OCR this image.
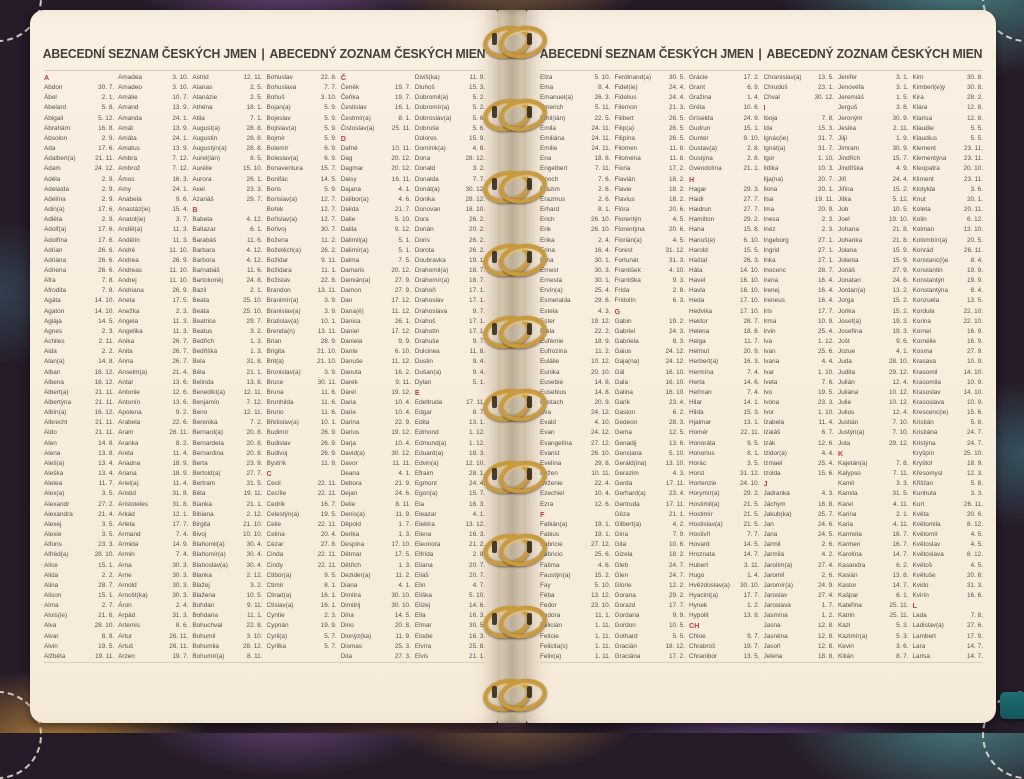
ABECEDNÍ SEZNAM ČESKÝCH JMEN | ABECEDNÝ ZOZNAM ČESKÝCH MIEN
A
Abdon	30. 7.
Ábel	2. 1.
Abelard	5. 8.
Abigail	5. 12.
Abrahám	16. 8.
Absolon	2. 9.
Ada	17. 6.
Adalbert(a)	21. 11.
Adam	24. 12.
Adéla	2. 9.
Adelaida	2. 9.
Adelína	2. 9.
Adin(a)	17. 6.
Adléta	2. 9.
Adolf(a)	17. 6.
Adolfína	17. 6.
Adrian	26. 6.
Adriána	26. 6.
Adriena	26. 6.
Afra	7. 8.
Afrodita	7. 8.
Agáta	14. 10.
Agaton	14. 10.
Aglaja	14. 5.
Agnes	2. 3.
Achiles	2. 11.
Aida	2. 2.
Alan(a)	14. 8.
Alban	16. 12.
Albena	16. 12.
Albert(a)	21. 11.
Albertýna	21. 11.
Albín(a)	16. 12.
Albrecht	21. 11.
Aldo	21. 11.
Alen	14. 8.
Alena	13. 8.
Aleš(a)	13. 4.
Aleška	13. 4.
Aletea	11. 7.
Alex(a)	3. 5.
Alexandr	27. 2.
Alexandra	21. 4.
Alexej	3. 5.
Alexie	3. 5.
Alfons	23. 3.
Alfréd(a)	28. 10.
Alice	15. 1.
Alida	2. 2.
Alina	28. 7.
Alison	15. 1.
Alma	2. 7.
Alois(ie)	21. 6.
Alva	28. 10.
Alvar	8. 8.
Alvin	19. 5.
Alžběta	19. 11.
Amadea	3. 10.
Amadeo	3. 10.
Amálie	10. 7.
Amand	13. 9.
Amanda	24. 1.
Amát	13. 9.
Amáta	24. 1.
Amatus	13. 9.
Ambra	7. 12.
Ambrož	7. 12.
Ámos	16. 3.
Amy	24. 1.
Anabela	9. 6.
Anastáz(ie)	15. 4.
Anatol(ie)	3. 7.
Anděl(a)	11. 3.
Andělín	11. 3.
André	11. 10.
Andrea	26. 9.
Andreas	11. 10.
Andrej	11. 10.
Andriana	26. 9.
Aneta	17. 5.
Anežka	2. 3.
Angela	11. 3.
Angelika	11. 3.
Anika	26. 7.
Anita	26. 7.
Anna	26. 7.
Anselm(a)	21. 4.
Antal	13. 6.
Antonie	12. 6.
Antonín	13. 6.
Apolena	9. 2.
Arabela	22. 6.
Aram	26. 11.
Aranka	8. 2.
Areta	11. 4.
Ariadna	18. 9.
Ariana	18. 9.
Ariel(a)	11. 4.
Aristid	31. 8.
Aristoteles	31. 8.
Arkád	12. 1.
Arleta	17. 7.
Armand	7. 4.
Armida	14. 9.
Armin	7. 4.
Arna	30. 3.
Arne	30. 3.
Arnold	30. 3.
Arnošt(ka)	30. 3.
Áron	2. 4.
Arpád	31. 3.
Artemis	8. 6.
Artur	26. 11.
Artuš	26. 11.
Arzen	19. 7.
Astrid	12. 11.
Atanas	2. 5.
Atanázie	2. 5.
Athéna	18. 1.
Atila	7. 1.
August(a)	28. 8.
Augustin	28. 8.
Augustýn(a)	28. 8.
Aurel(ián)	8. 5.
Aurélie	15. 10.
Aurora	26. 1.
Axel	23. 3.
Azariáš	29. 7.
B
Babeta	4. 12.
Baltazar	6. 1.
Barabáš	11. 6.
Barbara	4. 12.
Barbora	4. 12.
Barnabáš	11. 6.
Bartoloměj	24. 8.
Bazil	2. 1.
Beata	25. 10.
Beáta	25. 10.
Beatrice	29. 7.
Beatus	3. 2.
Bedřich	1. 3.
Bedřiška	1. 3.
Bela	31. 8.
Béla	21. 1.
Belinda	13. 8.
Benedikt(a)	12. 11.
Benjamín	7. 12.
Beno	12. 11.
Berenika	7. 2.
Bernard(a)	20. 8.
Bernardeta	20. 8.
Bernardina	20. 8.
Berta	23. 9.
Bertold(a)	27. 7.
Bertram	31. 5.
Běta	19. 11.
Bianka	21. 1.
Bibiana	2. 12.
Birgita	21. 10.
Bivoj	10. 10.
Blahomil(a)	30. 4.
Blahomír(a)	30. 4.
Blahoslav(a)	30. 4.
Blanka	2. 12.
Blažej	3. 2.
Blažena	10. 5.
Bohdan	9. 11.
Bohdana	11. 1.
Bohuchval	22. 8.
Bohumil	3. 10.
Bohumila	28. 12.
Bohumír(a)	8. 11.
Bohuslav	22. 8.
Bohuslava	7. 7.
Bohuš	3. 10.
Bojan(a)	5. 9.
Bojeslav	5. 9.
Bojislav(a)	5. 9.
Bojmír	5. 9.
Bolemír	6. 9.
Boleslav(a)	6. 9.
Bonaventura	15. 7.
Bonifác	14. 5.
Boris	5. 9.
Borislav(a)	12. 7.
Bořek	12. 7.
Bořislav(a)	12. 7.
Bořivoj	30. 7.
Božena	11. 2.
Božetěch(a)	26. 2.
Božidar	9. 11.
Božidara	11. 1.
Božislav	22. 8.
Brandon	13. 11.
Branimír(a)	3. 9.
Branislav(a)	3. 9.
Bratislav(a)	10. 1.
Brenda(n)	13. 11.
Brian	28. 9.
Brigita	21. 10.
Brit(a)	21. 10.
Bronislav(a)	3. 9.
Bruce	30. 11.
Bruna	11. 6.
Brunhilda	11. 6.
Bruno	11. 6.
Břetislav(a)	10. 1.
Budimír	26. 9.
Budislav	26. 9.
Budivoj	26. 9.
Bystrík	11. 9.
C
Cecil	22. 11.
Cecílie	22. 11.
Cedrik	16. 7.
Celestýn(a)	19. 5.
Celie	22. 11.
Celina	20. 4.
Cézar	27. 8.
Cinda	22. 11.
Cindy	22. 11.
Ctibor(a)	9. 5.
Ctimír	8. 1.
Ctirad(a)	16. 1.
Ctislav(a)	16. 1.
Cyntie	2. 3.
Cyprián	19. 9.
Cyril(a)	5. 7.
Cyrilka	5. 7.
Č
Čeněk	19. 7.
Čeňka	19. 7.
Čestislav	16. 1.
Čestmír(a)	8. 1.
Čistoslav(a)	25. 11.
D
Dafné	10. 11.
Dag	20. 12.
Dagmar	20. 12.
Daisy	16. 11.
Dajana	4. 1.
Dalibor(a)	4. 6.
Dalida	21. 7.
Dalie	5. 10.
Dalila	9. 12.
Dalimil(a)	5. 1.
Dalimír(a)	5. 1.
Dalma	7. 5.
Damaris	20. 12.
Damián(a)	27. 9.
Damon	27. 9.
Dan	17. 12.
Dana(é)	11. 12.
Danica	26. 1.
Daniel	17. 12.
Daniela	9. 9.
Dante	6. 10.
Danuše	11. 12.
Danuta	16. 2.
Darek	9. 11.
Darel	19. 12.
Daria	10. 4.
Darie	10. 4.
Darina	22. 9.
Darius	19. 12.
Darja	10. 4.
David(a)	30. 12.
Davor	11. 11.
Deana	4. 1.
Debora	21. 9.
Dejan	24. 6.
Delie	8. 11.
Denis(a)	11. 9.
Děpold	1. 7.
Derika	1. 3.
Despina	17. 10.
Dětmar	17. 5.
Dětřich	1. 3.
Dezider(a)	11. 2.
Diana	4. 1.
Dimitra	30. 10.
Dimitrij	30. 10.
Dina	14. 5.
Dino	20. 8.
Dionýz(ka)	11. 9.
Dismas	25. 3.
Dita	27. 3.
Diviš(ka)	11. 9.
Dluhoš	15. 3.
Dobromil(a)	5. 2.
Dobromír(a)	5. 2.
Dobroslav(a)	5. 6.
Dobruše	5. 6.
Dolores	15. 9.
Dominik(a)	4. 8.
Dona	28. 12.
Donald	3. 2.
Donalda	7. 7.
Donát(a)	30. 12.
Donika	28. 12.
Donovan	18. 10.
Dora	26. 2.
Dorián	20. 2.
Doris	26. 2.
Dorota	26. 2.
Doubravka	19. 1.
Drahomil(a)	18. 7.
Drahomír(a)	18. 7.
Drahoň	17. 1.
Drahoslav	17. 1.
Drahoslava	9. 7.
Drahoš	17. 1.
Drahotín	17. 1.
Drahuše	9. 7.
Dulcinea	11. 8.
Dustin	9. 4.
Dušan(a)	9. 4.
Dylan	5. 1.
E
Edeltruda	17. 11.
Edgar	8. 7.
Edita	13. 1.
Edmond	1. 12.
Edmund(a)	1. 12.
Eduard(a)	18. 3.
Edvin(a)	12. 10.
Efraim	28. 1.
Egmont	24. 4.
Egon(a)	15. 7.
Ela	16. 3.
Eleazar	4. 1.
Elektra	13. 12.
Elena	16. 3.
Eleonora	21. 2.
Elfrída	2. 8.
Eliana	20. 7.
Eliáš	20. 7.
Elin	4. 7.
Eliška	5. 10.
Elizej	14. 6.
Ella	16. 3.
Elmar	30. 5.
Elodie	16. 3.
Elvíra	25. 8.
Elvis	21. 1.
ABECEDNÍ SEZNAM ČESKÝCH JMEN | ABECEDNÝ ZOZNAM ČESKÝCH MIEN
Elza	5. 10.
Ema	8. 4.
Emanuel(a)	26. 3.
Emerich	5. 11.
Emil(ián)	22. 5.
Emila	24. 11.
Emiliána	24. 11.
Emilie	24. 11.
Ena	18. 8.
Engelbert	7. 11.
Enoch	7. 6.
Erazim	2. 6.
Erazmus	2. 6.
Erhard	8. 1.
Erich	26. 10.
Erik	26. 10.
Erika	2. 4.
Erina	16. 4.
Erna	30. 1.
Ernest	30. 3.
Ernesta	30. 1.
Ervín(a)	25. 4.
Esmeralda	29. 6.
Estela	4. 3.
Ester	19. 12.
Etela	22. 2.
Eufémie	18. 9.
Eufrozina	11. 2.
Eulálie	10. 12.
Eunika	20. 10.
Eusebie	14. 8.
Eusebius	14. 8.
Eustach	20. 9.
Eva	24. 12.
Evald	4. 10.
Evan	24. 12.
Evangelína	27. 12.
Evarist	26. 10.
Evelína	29. 8.
Evžen	10. 11.
Evženie	22. 4.
Ezechiel	10. 4.
Ezra	12. 6.
F
Fabián(a)	19. 1.
Fabius	19. 1.
Fabricie	27. 12.
Fabricio	25. 6.
Fatima	4. 6.
Faustýn(a)	15. 2.
Fay	5. 10.
Féba	13. 12.
Fedor	23. 10.
Fedora	11. 1.
Felicián	1. 11.
Felície	1. 11.
Felicita(s)	1. 11.
Felix(a)	1. 11.
Ferdinand(a)	30. 5.
Fidel(ie)	24. 4.
Fidelius	24. 4.
Filemon	21. 3.
Filibert	26. 5.
Filip(a)	26. 5.
Filipína	26. 5.
Filomen	11. 8.
Filoména	11. 8.
Fiona	17. 2.
Flavián	18. 2.
Flavie	18. 2.
Flavius	18. 2.
Flóra	20. 6.
Florentýn	4. 5.
Florentýna	20. 6.
Florián(a)	4. 5.
Forest	31. 12.
Fortunát	31. 3.
František	4. 10.
Františka	9. 3.
Frída	2. 8.
Fridolín	6. 3.
G
Gabin	19. 2.
Gabriel	24. 3.
Gabriela	8. 3.
Gaius	24. 12.
Gaja(na)	24. 12.
Gál	16. 10.
Gala	16. 10.
Galina	16. 10.
Garik	23. 4.
Gaston	6. 2.
Gedeon	28. 3.
Gema	12. 5.
Genadij	13. 6.
Genciana	5. 10.
Gerald(ina)	13. 10.
Gerazim	4. 3.
Gerda	17. 11.
Gerhard(a)	23. 4.
Gertruda	17. 11.
Géza	21. 1.
Gilbert(a)	4. 2.
Gina	7. 9.
Gita	10. 6.
Gizela	18. 2.
Gleb	24. 7.
Glen	24. 7.
Glorie	12. 2.
Gorana	29. 2.
Gorazd	17. 7.
Gordana	9. 9.
Gordon	10. 5.
Gothard	5. 5.
Gracián	18. 12.
Graciána	17. 2.
Grácie	17. 2.
Grant	6. 9.
Gražina	1. 4.
Gréta	10. 6.
Gríselda	24. 9.
Gudrun	15. 1.
Gunter	9. 10.
Gustav(a)	2. 8.
Gustýna	2. 8.
Gvendolína	21. 1.
H
Hagar	29. 3.
Haidi	27. 7.
Haidrun	27. 7.
Hamilton	29. 2.
Hana	15. 8.
Hanuš(e)	6. 10.
Harold	15. 5.
Haštal	26. 3.
Háta	14. 10.
Havel	16. 10.
Havla	16. 10.
Heda	17. 10.
Hedvika	17. 10.
Hektor	28. 7.
Helena	18. 8.
Helga	11. 7.
Helmut	20. 9.
Herbert(a)	16. 3.
Hermína	7. 4.
Herta	14. 6.
Heřman	7. 4.
Hilar	14. 1.
Hilda	15. 3.
Hjalmar	13. 1.
Homér	22. 11.
Honoráta	9. 5.
Honorius	8. 1.
Horác	3. 5.
Horst	31. 12.
Hortenzie	24. 10.
Horymír(a)	29. 2.
Hostimil(a)	21. 5.
Hostimír	21. 5.
Hostislav(a)	21. 5.
Hostivít	7. 7.
Hovard	14. 5.
Hroznata	14. 7.
Hubert	3. 11.
Hugo	1. 4.
Hvězdoslav(a)	30. 10.
Hyacint(a)	17. 7.
Hynek	1. 2.
Hypolit	13. 8.
CH
Chloe	9. 7.
Chrabroš	19. 7.
Chranibor	13. 5.
Chranislav(a)	13. 5.
Chrudoš	23. 1.
Chval	30. 12.
I
Iboja	7. 8.
Ida	15. 3.
Ignác(ie)	31. 7.
Ignát(a)	31. 7.
Igor	1. 10.
Ildika	10. 3.
Ilja(na)	20. 7.
Ilona	20. 1.
Ilsa	19. 11.
Ima	20. 9.
Inesa	2. 3.
Inéz	2. 3.
Ingeborg	27. 1.
Ingrid	27. 1.
Inka	27. 1.
Inocenc	28. 7.
Irena	16. 4.
Irenej	16. 4.
Ireneus	16. 4.
Iris	17. 7.
Irma	10. 9.
Irvin	25. 4.
Iva	1. 12.
Ivan	25. 6.
Ivana	4. 4.
Ivar	1. 10.
Iveta	7. 6.
Ivo	19. 5.
Ivona	23. 3.
Ivor	1. 10.
Izabela	11. 4.
Izaiáš	6. 7.
Izák	12. 6.
Izidor(a)	4. 4.
Izmael	25. 4.
Izolda	15. 6.
J
Jadranka	4. 3.
Jáchym	16. 8.
Jakub(ka)	25. 7.
Jan	24. 6.
Jana	24. 5.
Jarmil	2. 6.
Jarmila	4. 2.
Jarolím(a)	27. 4.
Jaromil	2. 6.
Jaromír(a)	24. 9.
Jaroslav	27. 4.
Jaroslava	1. 7.
Jasmína	1. 2.
Jasna	12. 8.
Jasněna	12. 8.
Jasoň	12. 8.
Jelena	18. 8.
Jenifer	3. 1.
Jenovéfa	3. 1.
Jeremiáš	1. 5.
Jerguš	3. 8.
Jeroným	30. 9.
Jesika	2. 11.
Jiljí	1. 9.
Jimram	30. 9.
Jindřich	15. 7.
Jindřiška	4. 9.
Jiří	24. 4.
Jiřina	15. 2.
Jitka	5. 12.
Job	10. 5.
Joel	19. 10.
Johana	21. 8.
Johanka	21. 8.
Jolana	15. 9.
Jolanta	15. 9.
Jonáš	27. 9.
Jonatan	24. 6.
Jordan(a)	13. 2.
Jorga	15. 2.
Jorika	15. 2.
Josef(a)	19. 3.
Josefína	19. 3.
Jošt	9. 6.
Jozue	4. 1.
Juda	28. 10.
Judita	29. 12.
Julián	12. 4.
Juliána	10. 12.
Julie	10. 12.
Julius	12. 4.
Justián	7. 10.
Justýn(a)	7. 10.
Juta	29. 12.
K
Kajetán(a)	7. 8.
Kalypso	7. 11.
Kamil	3. 3.
Kamila	31. 5.
Karel	4. 11.
Karina	2. 1.
Karla	4. 11.
Karmela	16. 7.
Karmen	16. 7.
Karolína	14. 7.
Kasandra	6. 2.
Kasián	13. 8.
Kastor	14. 7.
Kašpar	6. 1.
Kateřina	25. 11.
Katrin	25. 11.
Kazi	5. 3.
Kazimír(a)	5. 3.
Kevin	3. 6.
Kilián	8. 7.
Kim	30. 8.
Kimberl(e)y	30. 8.
Kira	28. 2.
Klára	12. 8.
Klarisa	12. 8.
Klaudie	5. 5.
Klaudius	5. 5.
Klement	23. 11.
Klementýna	23. 11.
Kleopatra	20. 10.
Kliment	23. 11.
Klotylda	3. 6.
Knut	20. 1.
Koleta	20. 11.
Kolin	6. 12.
Kolman	13. 10.
Kolombín(a)	20. 5.
Konrád	26. 11.
Konstanc(i)e	8. 4.
Konstantin	19. 9.
Konstantýn	19. 9.
Konstantýna	8. 4.
Konzuela	13. 5.
Kordula	22. 10.
Korina	22. 10.
Kornel	16. 9.
Kornélie	16. 9.
Kosma	27. 9.
Krasava	10. 9.
Krasomil	14. 10.
Krasomila	10. 9.
Krasoslav	14. 10.
Krasoslava	10. 9.
Krescenc(ie)	15. 6.
Kristián	5. 8.
Kristiána	24. 7.
Kristýna	24. 7.
Kryšpín	25. 10.
Kryštof	18. 9.
Křesomysl	12. 3.
Křišťan	5. 8.
Kunhuta	3. 3.
Kurt	26. 11.
Květa	20. 6.
Květomila	8. 12.
Květomír	4. 5.
Květoslav	4. 5.
Květoslava	8. 12.
Květoš	4. 5.
Květuše	20. 6.
Kvido	31. 3.
Kvirín	16. 6.
L
Lada	7. 8.
Ladislav(a)	27. 6.
Lambert	17. 9.
Lara	14. 7.
Larisa	14. 7.
